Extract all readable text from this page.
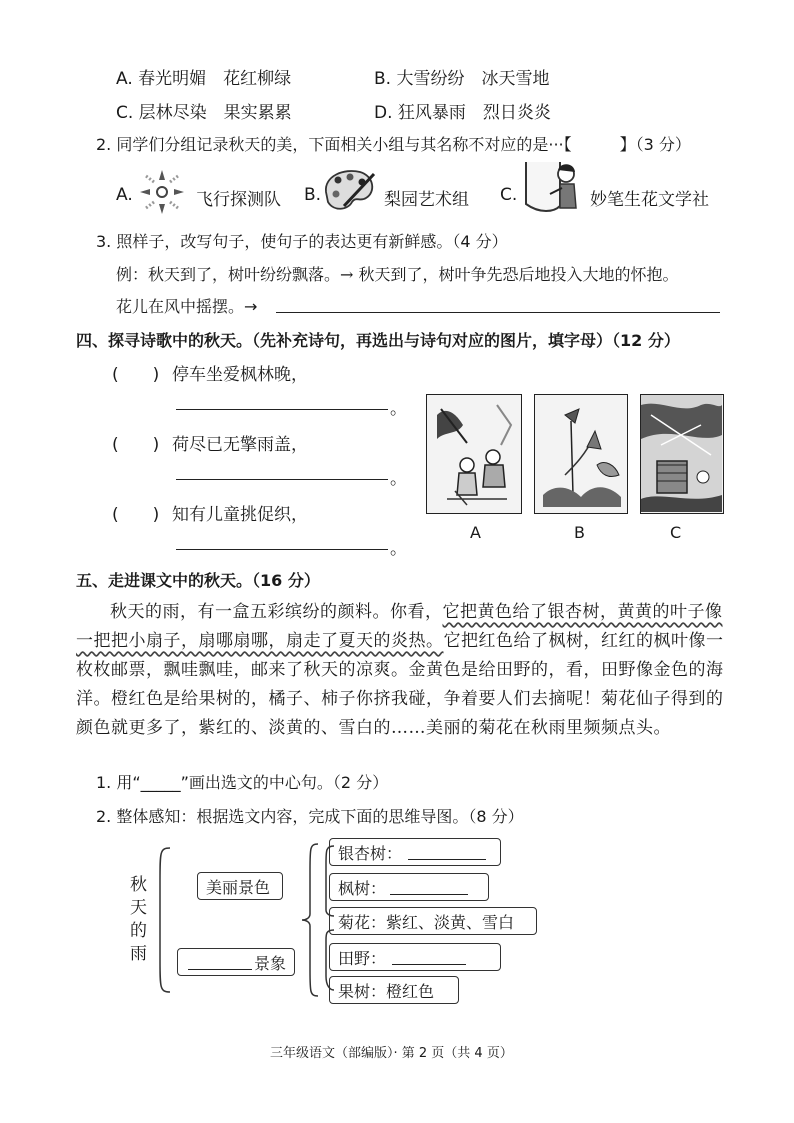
A. 春光明媚　花红柳绿	B. 大雪纷纷　冰天雪地
C. 层林尽染　果实累累	D. 狂风暴雨　烈日炎炎
2. 同学们分组记录秋天的美，下面相关小组与其名称不对应的是···【　　　】（3 分）
A.	飞行探测队 B.	梨园艺术组 C.	妙笔生花文学社
3. 照样子，改写句子，使句子的表达更有新鲜感。（4 分）
例：秋天到了，树叶纷纷飘落。→ 秋天到了，树叶争先恐后地投入大地的怀抱。
花儿在风中摇摆。→
四、探寻诗歌中的秋天。（先补充诗句，再选出与诗句对应的图片，填字母）（12 分）
(　　) 停车坐爱枫林晚，
。
(　　) 荷尽已无擎雨盖，
。
(　　) 知有儿童挑促织，
。
A	B	C
五、走进课文中的秋天。（16 分）
秋天的雨，有一盒五彩缤纷的颜料。你看，它把黄色给了银杏树，黄黄的叶子像一把把小扇子，扇哪扇哪，扇走了夏天的炎热。它把红色给了枫树，红红的枫叶像一枚枚邮票，飘哇飘哇，邮来了秋天的凉爽。金黄色是给田野的，看，田野像金色的海洋。橙红色是给果树的，橘子、柿子你挤我碰，争着要人们去摘呢！菊花仙子得到的颜色就更多了，紫红的、淡黄的、雪白的……美丽的菊花在秋雨里频频点头。
1. 用“_____”画出选文的中心句。（2 分）
2. 整体感知：根据选文内容，完成下面的思维导图。（8 分）
秋
天
的
雨
美丽景色
景象
银杏树：
枫树：
菊花：紫红、淡黄、雪白
田野：
果树：橙红色
三年级语文（部编版）· 第 2 页（共 4 页）
